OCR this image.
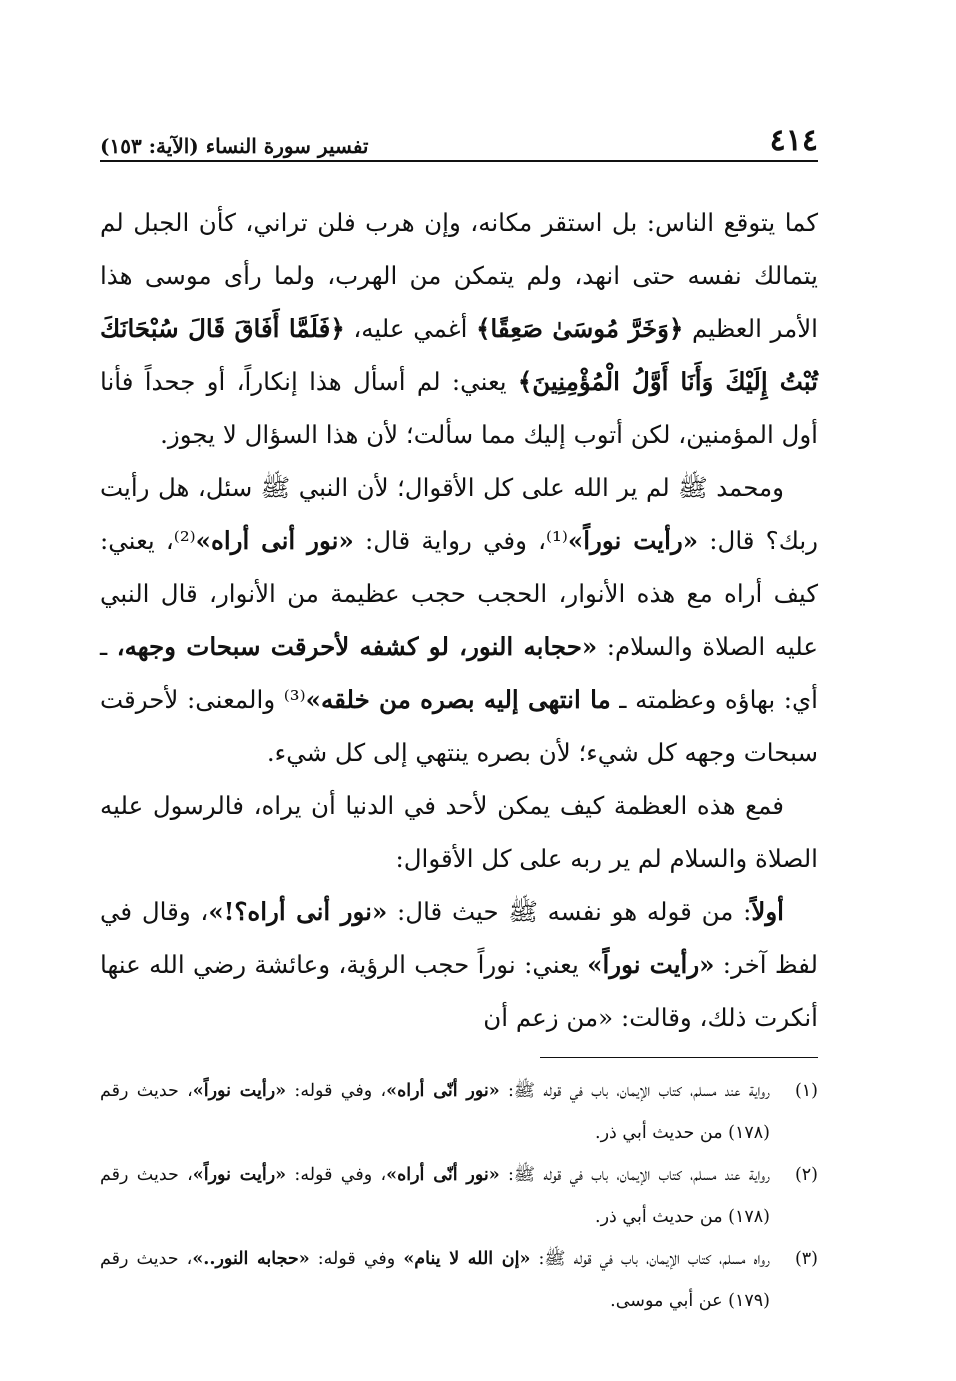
٤١٤
تفسير سورة النساء (الآية: ١٥٣)

كما يتوقع الناس: بل استقر مكانه، وإن هرب فلن تراني، كأن الجبل لم يتمالك نفسه حتى انهد، ولم يتمكن من الهرب، ولما رأى موسى هذا الأمر العظيم ﴿وَخَرَّ مُوسَىٰ صَعِقًا﴾ أغمي عليه، ﴿فَلَمَّا أَفَاقَ قَالَ سُبْحَانَكَ تُبْتُ إِلَيْكَ وَأَنَا أَوَّلُ الْمُؤْمِنِينَ﴾ يعني: لم أسأل هذا إنكاراً، أو جحداً فأنا أول المؤمنين، لكن أتوب إليك مما سألت؛ لأن هذا السؤال لا يجوز.

ومحمد ﷺ لم ير الله على كل الأقوال؛ لأن النبي ﷺ سئل، هل رأيت ربك؟ قال: «رأيت نوراً»⁽¹⁾، وفي رواية قال: «نور أنى أراه»⁽²⁾، يعني: كيف أراه مع هذه الأنوار، الحجب حجب عظيمة من الأنوار، قال النبي عليه الصلاة والسلام: «حجابه النور، لو كشفه لأحرقت سبحات وجهه، ـ أي: بهاؤه وعظمته ـ ما انتهى إليه بصره من خلقه»⁽³⁾ والمعنى: لأحرقت سبحات وجهه كل شيء؛ لأن بصره ينتهي إلى كل شيء.

فمع هذه العظمة كيف يمكن لأحد في الدنيا أن يراه، فالرسول عليه الصلاة والسلام لم ير ربه على كل الأقوال:

أولاً: من قوله هو نفسه ﷺ حيث قال: «نور أنى أراه؟!»، وقال في لفظ آخر: «رأيت نوراً» يعني: نوراً حجب الرؤية، وعائشة رضي الله عنها أنكرت ذلك، وقالت: «من زعم أن

(١)
رواية عند مسلم، كتاب الإيمان، باب في قوله ﷺ: «نور أنّى أراه»، وفي قوله: «رأيت نوراً»، حديث رقم (١٧٨) من حديث أبي ذر.
(٢)
رواية عند مسلم، كتاب الإيمان، باب في قوله ﷺ: «نور أنّى أراه»، وفي قوله: «رأيت نوراً»، حديث رقم (١٧٨) من حديث أبي ذر.
(٣)
رواه مسلم، كتاب الإيمان، باب في قوله ﷺ: «إن الله لا ينام» وفي قوله: «حجابه النور..»، حديث رقم (١٧٩) عن أبي موسى.
